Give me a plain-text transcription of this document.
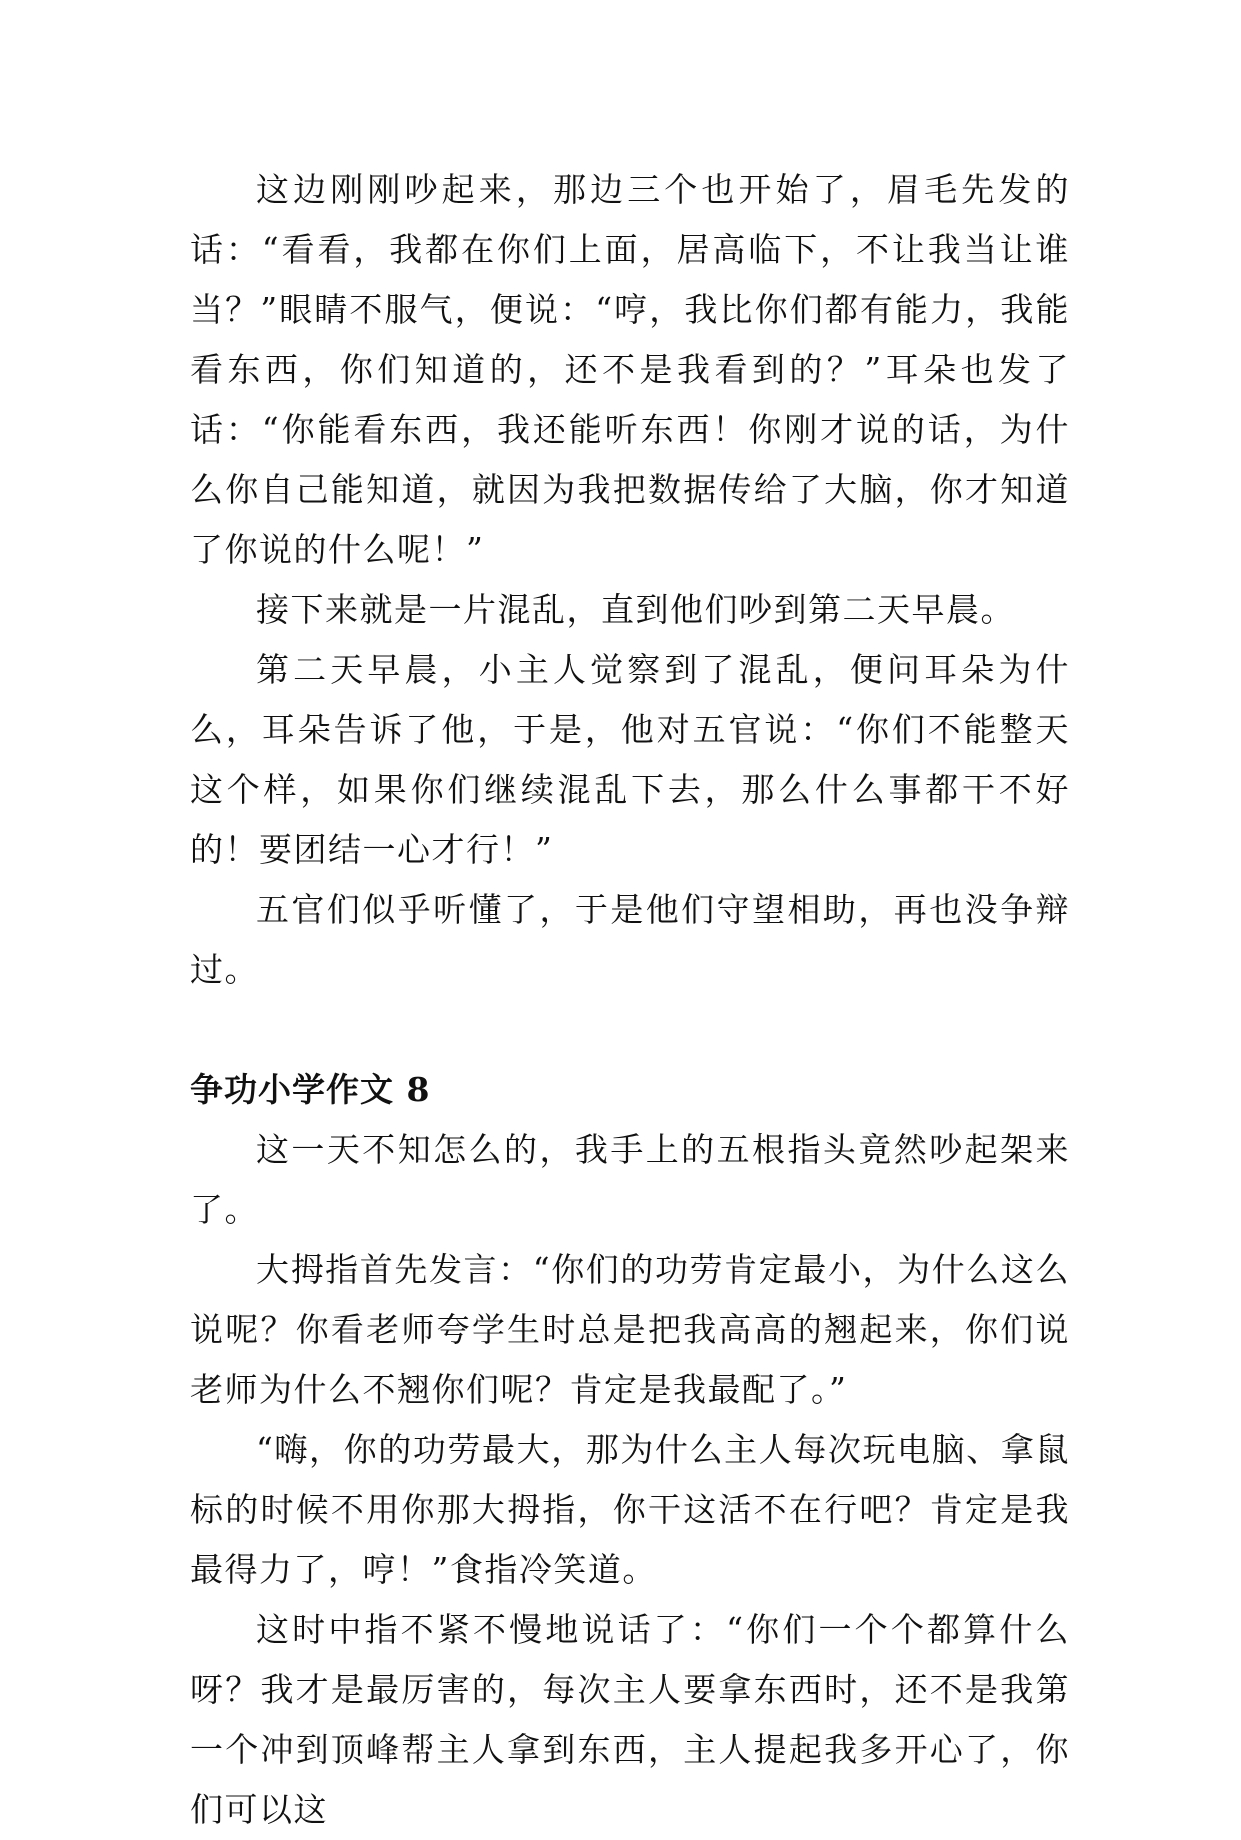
这边刚刚吵起来，那边三个也开始了，眉毛先发的话：“看看，我都在你们上面，居高临下，不让我当让谁当？”眼睛不服气，便说：“哼，我比你们都有能力，我能看东西，你们知道的，还不是我看到的？”耳朵也发了话：“你能看东西，我还能听东西！你刚才说的话，为什么你自己能知道，就因为我把数据传给了大脑，你才知道了你说的什么呢！”

接下来就是一片混乱，直到他们吵到第二天早晨。

第二天早晨，小主人觉察到了混乱，便问耳朵为什么，耳朵告诉了他，于是，他对五官说：“你们不能整天这个样，如果你们继续混乱下去，那么什么事都干不好的！要团结一心才行！”

五官们似乎听懂了，于是他们守望相助，再也没争辩过。

争功小学作文 8

这一天不知怎么的，我手上的五根指头竟然吵起架来了。

大拇指首先发言：“你们的功劳肯定最小，为什么这么说呢？你看老师夸学生时总是把我高高的翘起来，你们说老师为什么不翘你们呢？肯定是我最配了。”

“嗨，你的功劳最大，那为什么主人每次玩电脑、拿鼠标的时候不用你那大拇指，你干这活不在行吧？肯定是我最得力了，哼！”食指冷笑道。

这时中指不紧不慢地说话了：“你们一个个都算什么呀？我才是最厉害的，每次主人要拿东西时，还不是我第一个冲到顶峰帮主人拿到东西，主人提起我多开心了，你们可以这
